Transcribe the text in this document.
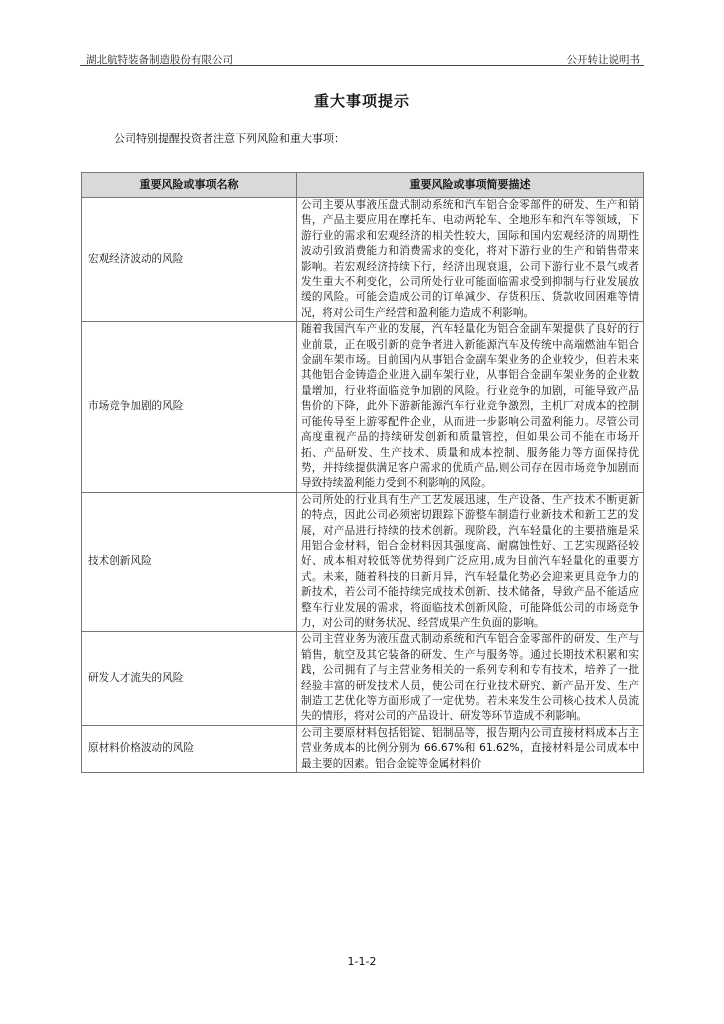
湖北航特装备制造股份有限公司	公开转让说明书
重大事项提示
公司特别提醒投资者注意下列风险和重大事项：
重要风险或事项名称	重要风险或事项简要描述
宏观经济波动的风险	公司主要从事液压盘式制动系统和汽车铝合金零部件的研发、生产和销售，产品主要应用在摩托车、电动两轮车、全地形车和汽车等领域，下游行业的需求和宏观经济的相关性较大，国际和国内宏观经济的周期性波动引致消费能力和消费需求的变化，将对下游行业的生产和销售带来影响。若宏观经济持续下行，经济出现衰退，公司下游行业不景气或者发生重大不利变化，公司所处行业可能面临需求受到抑制与行业发展放缓的风险。可能会造成公司的订单减少、存货积压、货款收回困难等情况，将对公司生产经营和盈利能力造成不利影响。
市场竞争加剧的风险	随着我国汽车产业的发展，汽车轻量化为铝合金副车架提供了良好的行业前景，正在吸引新的竞争者进入新能源汽车及传统中高端燃油车铝合金副车架市场。目前国内从事铝合金副车架业务的企业较少，但若未来其他铝合金铸造企业进入副车架行业，从事铝合金副车架业务的企业数量增加，行业将面临竞争加剧的风险。行业竞争的加剧，可能导致产品售价的下降，此外下游新能源汽车行业竞争激烈，主机厂对成本的控制可能传导至上游零配件企业，从而进一步影响公司盈利能力。尽管公司高度重视产品的持续研发创新和质量管控，但如果公司不能在市场开拓、产品研发、生产技术、质量和成本控制、服务能力等方面保持优势，并持续提供满足客户需求的优质产品,则公司存在因市场竞争加剧而导致持续盈利能力受到不利影响的风险。
技术创新风险	公司所处的行业具有生产工艺发展迅速，生产设备、生产技术不断更新的特点，因此公司必须密切跟踪下游整车制造行业新技术和新工艺的发展，对产品进行持续的技术创新。现阶段，汽车轻量化的主要措施是采用铝合金材料，铝合金材料因其强度高、耐腐蚀性好、工艺实现路径较好、成本相对较低等优势得到广泛应用,成为目前汽车轻量化的重要方式。未来，随着科技的日新月异，汽车轻量化势必会迎来更具竞争力的新技术，若公司不能持续完成技术创新、技术储备，导致产品不能适应整车行业发展的需求，将面临技术创新风险，可能降低公司的市场竞争力，对公司的财务状况、经营成果产生负面的影响。
研发人才流失的风险	公司主营业务为液压盘式制动系统和汽车铝合金零部件的研发、生产与销售，航空及其它装备的研发、生产与服务等。通过长期技术积累和实践，公司拥有了与主营业务相关的一系列专利和专有技术，培养了一批经验丰富的研发技术人员，使公司在行业技术研究、新产品开发、生产制造工艺优化等方面形成了一定优势。若未来发生公司核心技术人员流失的情形，将对公司的产品设计、研发等环节造成不利影响。
原材料价格波动的风险	公司主要原材料包括铝锭、铝制品等，报告期内公司直接材料成本占主营业务成本的比例分别为 66.67%和 61.62%，直接材料是公司成本中最主要的因素。铝合金锭等金属材料价
1-1-2
